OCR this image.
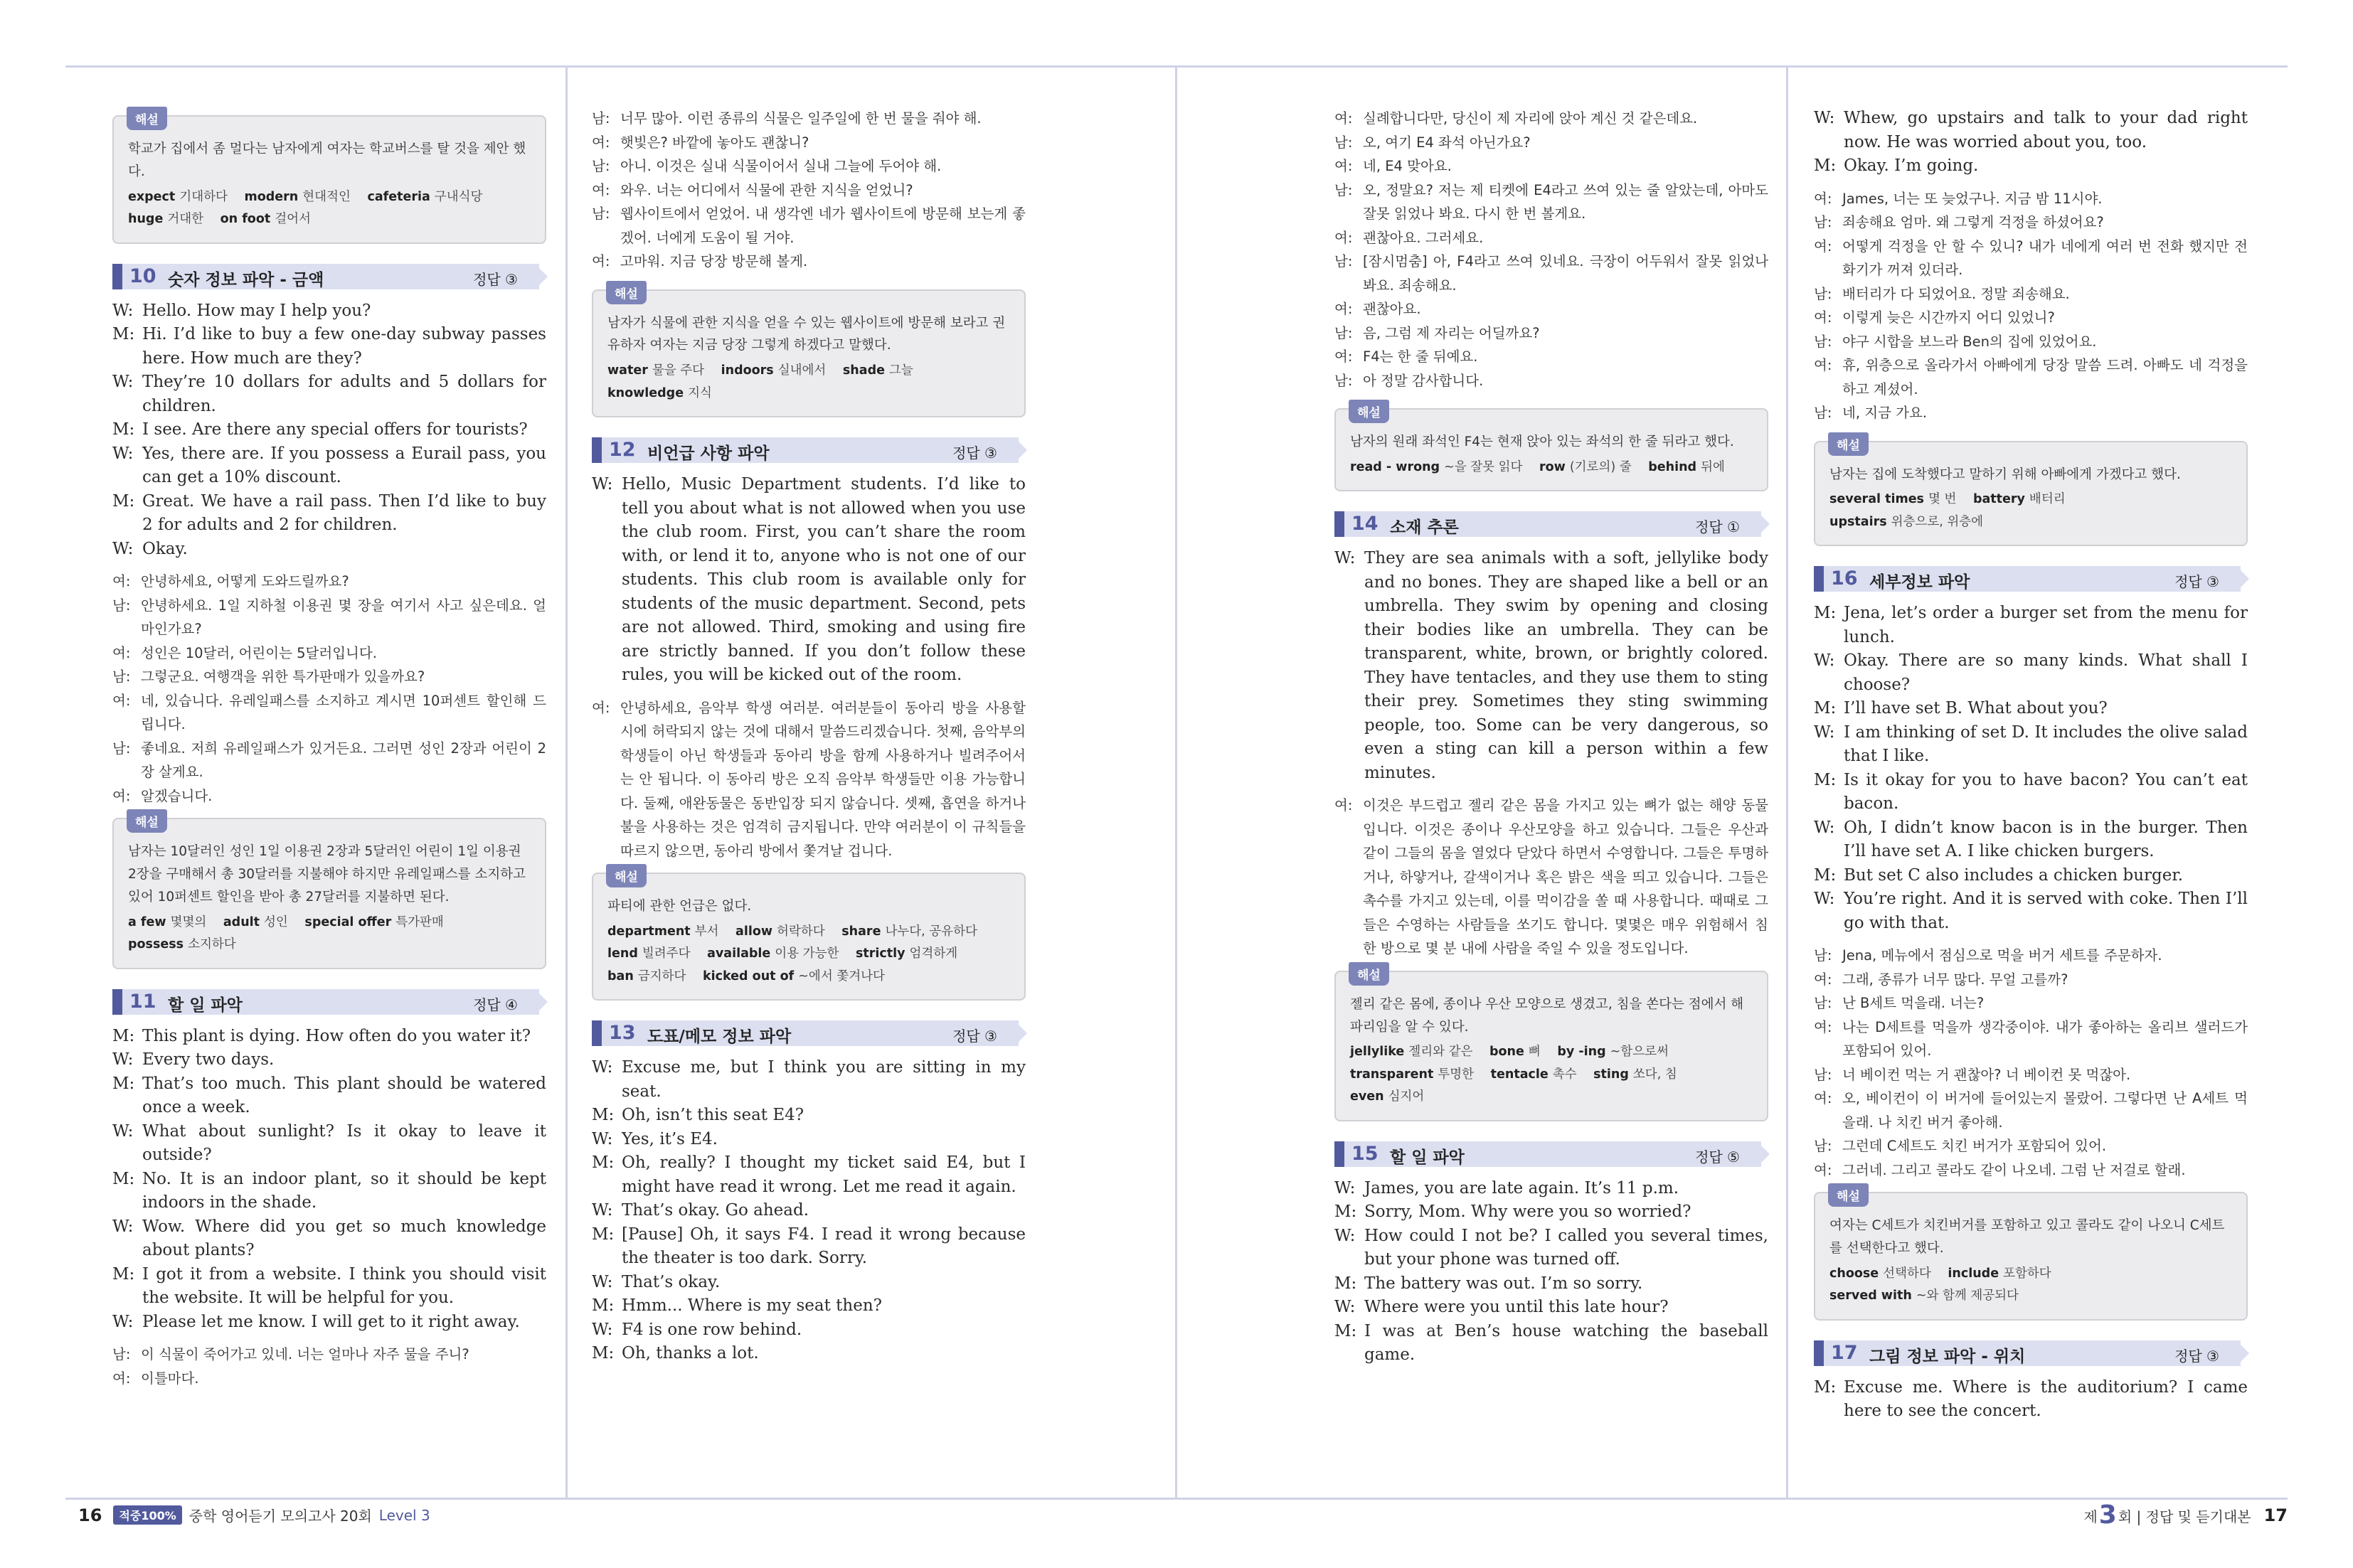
해설
학교가 집에서 좀 멀다는 남자에게 여자는 학교버스를 탈 것을 제안 했다.
expect 기대하다 modern 현대적인 cafeteria 구내식당 huge 거대한 on foot 걸어서
10 숫자 정보 파악 - 금액	정답 ③
W: Hello. How may I help you?
M: Hi. I’d like to buy a few one-day subway passes here. How much are they?
W: They’re 10 dollars for adults and 5 dollars for children.
M: I see. Are there any special offers for tourists?
W: Yes, there are. If you possess a Eurail pass, you can get a 10% discount.
M: Great. We have a rail pass. Then I’d like to buy 2 for adults and 2 for children.
W: Okay.
여: 안녕하세요, 어떻게 도와드릴까요?
남: 안녕하세요. 1일 지하철 이용권 몇 장을 여기서 사고 싶은데요. 얼마인가요?
여: 성인은 10달러, 어린이는 5달러입니다.
남: 그렇군요. 여행객을 위한 특가판매가 있을까요?
여: 네, 있습니다. 유레일패스를 소지하고 계시면 10퍼센트 할인해 드립니다.
남: 좋네요. 저희 유레일패스가 있거든요. 그러면 성인 2장과 어린이 2장 살게요.
여: 알겠습니다.
해설
남자는 10달러인 성인 1일 이용권 2장과 5달러인 어린이 1일 이용권 2장을 구매해서 총 30달러를 지불해야 하지만 유레일패스를 소지하고 있어 10퍼센트 할인을 받아 총 27달러를 지불하면 된다.
a few 몇몇의 adult 성인 special offer 특가판매 possess 소지하다
11 할 일 파악	정답 ④
M: This plant is dying. How often do you water it?
W: Every two days.
M: That’s too much. This plant should be watered once a week.
W: What about sunlight? Is it okay to leave it outside?
M: No. It is an indoor plant, so it should be kept indoors in the shade.
W: Wow. Where did you get so much knowledge about plants?
M: I got it from a website. I think you should visit the website. It will be helpful for you.
W: Please let me know. I will get to it right away.
남: 이 식물이 죽어가고 있네. 너는 얼마나 자주 물을 주니?
여: 이틀마다.
남: 너무 많아. 이런 종류의 식물은 일주일에 한 번 물을 줘야 해.
여: 햇빛은? 바깥에 놓아도 괜찮니?
남: 아니. 이것은 실내 식물이어서 실내 그늘에 두어야 해.
여: 와우. 너는 어디에서 식물에 관한 지식을 얻었니?
남: 웹사이트에서 얻었어. 내 생각엔 네가 웹사이트에 방문해 보는게 좋겠어. 너에게 도움이 될 거야.
여: 고마워. 지금 당장 방문해 볼게.
해설
남자가 식물에 관한 지식을 얻을 수 있는 웹사이트에 방문해 보라고 권유하자 여자는 지금 당장 그렇게 하겠다고 말했다.
water 물을 주다 indoors 실내에서 shade 그늘 knowledge 지식
12 비언급 사항 파악	정답 ③
W: Hello, Music Department students. I’d like to tell you about what is not allowed when you use the club room. First, you can’t share the room with, or lend it to, anyone who is not one of our students. This club room is available only for students of the music department. Second, pets are not allowed. Third, smoking and using fire are strictly banned. If you don’t follow these rules, you will be kicked out of the room.
여: 안녕하세요, 음악부 학생 여러분. 여러분들이 동아리 방을 사용할 시에 허락되지 않는 것에 대해서 말씀드리겠습니다. 첫째, 음악부의 학생들이 아닌 학생들과 동아리 방을 함께 사용하거나 빌려주어서는 안 됩니다. 이 동아리 방은 오직 음악부 학생들만 이용 가능합니다. 둘째, 애완동물은 동반입장 되지 않습니다. 셋째, 흡연을 하거나 불을 사용하는 것은 엄격히 금지됩니다. 만약 여러분이 이 규칙들을 따르지 않으면, 동아리 방에서 쫓겨날 겁니다.
해설
파티에 관한 언급은 없다.
department 부서 allow 허락하다 share 나누다, 공유하다 lend 빌려주다 available 이용 가능한 strictly 엄격하게 ban 금지하다 kicked out of ~에서 쫓겨나다
13 도표/메모 정보 파악	정답 ③
W: Excuse me, but I think you are sitting in my seat.
M: Oh, isn’t this seat E4?
W: Yes, it’s E4.
M: Oh, really? I thought my ticket said E4, but I might have read it wrong. Let me read it again.
W: That’s okay. Go ahead.
M: [Pause] Oh, it says F4. I read it wrong because the theater is too dark. Sorry.
W: That’s okay.
M: Hmm... Where is my seat then?
W: F4 is one row behind.
M: Oh, thanks a lot.
여: 실례합니다만, 당신이 제 자리에 앉아 계신 것 같은데요.
남: 오, 여기 E4 좌석 아닌가요?
여: 네, E4 맞아요.
남: 오, 정말요? 저는 제 티켓에 E4라고 쓰여 있는 줄 알았는데, 아마도 잘못 읽었나 봐요. 다시 한 번 볼게요.
여: 괜찮아요. 그러세요.
남: [잠시멈춤] 아, F4라고 쓰여 있네요. 극장이 어두워서 잘못 읽었나봐요. 죄송해요.
여: 괜찮아요.
남: 음, 그럼 제 자리는 어딜까요?
여: F4는 한 줄 뒤예요.
남: 아 정말 감사합니다.
해설
남자의 원래 좌석인 F4는 현재 앉아 있는 좌석의 한 줄 뒤라고 했다.
read - wrong ~을 잘못 읽다 row (기로의) 줄 behind 뒤에
14 소재 추론	정답 ①
W: They are sea animals with a soft, jellylike body and no bones. They are shaped like a bell or an umbrella. They swim by opening and closing their bodies like an umbrella. They can be transparent, white, brown, or brightly colored. They have tentacles, and they use them to sting their prey. Sometimes they sting swimming people, too. Some can be very dangerous, so even a sting can kill a person within a few minutes.
여: 이것은 부드럽고 젤리 같은 몸을 가지고 있는 뼈가 없는 해양 동물입니다. 이것은 종이나 우산모양을 하고 있습니다. 그들은 우산과 같이 그들의 몸을 열었다 닫았다 하면서 수영합니다. 그들은 투명하거나, 하얗거나, 갈색이거나 혹은 밝은 색을 띄고 있습니다. 그들은 촉수를 가지고 있는데, 이를 먹이감을 쏠 때 사용합니다. 때때로 그들은 수영하는 사람들을 쏘기도 합니다. 몇몇은 매우 위험해서 침 한 방으로 몇 분 내에 사람을 죽일 수 있을 정도입니다.
해설
젤리 같은 몸에, 종이나 우산 모양으로 생겼고, 침을 쏜다는 점에서 해파리임을 알 수 있다.
jellylike 젤리와 같은 bone 뼈 by -ing ~함으로써 transparent 투명한 tentacle 촉수 sting 쏘다, 침 even 심지어
15 할 일 파악	정답 ⑤
W: James, you are late again. It’s 11 p.m.
M: Sorry, Mom. Why were you so worried?
W: How could I not be? I called you several times, but your phone was turned off.
M: The battery was out. I’m so sorry.
W: Where were you until this late hour?
M: I was at Ben’s house watching the baseball game.
W: Whew, go upstairs and talk to your dad right now. He was worried about you, too.
M: Okay. I’m going.
여: James, 너는 또 늦었구나. 지금 밤 11시야.
남: 죄송해요 엄마. 왜 그렇게 걱정을 하셨어요?
여: 어떻게 걱정을 안 할 수 있니? 내가 네에게 여러 번 전화 했지만 전화기가 꺼져 있더라.
남: 배터리가 다 되었어요. 정말 죄송해요.
여: 이렇게 늦은 시간까지 어디 있었니?
남: 야구 시합을 보느라 Ben의 집에 있었어요.
여: 휴, 위층으로 올라가서 아빠에게 당장 말씀 드려. 아빠도 네 걱정을 하고 계셨어.
남: 네, 지금 가요.
해설
남자는 집에 도착했다고 말하기 위해 아빠에게 가겠다고 했다.
several times 몇 번 battery 배터리 upstairs 위층으로, 위층에
16 세부정보 파악	정답 ③
M: Jena, let’s order a burger set from the menu for lunch.
W: Okay. There are so many kinds. What shall I choose?
M: I’ll have set B. What about you?
W: I am thinking of set D. It includes the olive salad that I like.
M: Is it okay for you to have bacon? You can’t eat bacon.
W: Oh, I didn’t know bacon is in the burger. Then I’ll have set A. I like chicken burgers.
M: But set C also includes a chicken burger.
W: You’re right. And it is served with coke. Then I’ll go with that.
남: Jena, 메뉴에서 점심으로 먹을 버거 세트를 주문하자.
여: 그래, 종류가 너무 많다. 무얼 고를까?
남: 난 B세트 먹을래. 너는?
여: 나는 D세트를 먹을까 생각중이야. 내가 좋아하는 올리브 샐러드가 포함되어 있어.
남: 너 베이컨 먹는 거 괜찮아? 너 베이컨 못 먹잖아.
여: 오, 베이컨이 이 버거에 들어있는지 몰랐어. 그렇다면 난 A세트 먹을래. 나 치킨 버거 좋아해.
남: 그런데 C세트도 치킨 버거가 포함되어 있어.
여: 그러네. 그리고 콜라도 같이 나오네. 그럼 난 저걸로 할래.
해설
여자는 C세트가 치킨버거를 포함하고 있고 콜라도 같이 나오니 C세트를 선택한다고 했다.
choose 선택하다 include 포함하다 served with ~와 함께 제공되다
17 그림 정보 파악 - 위치	정답 ③
M: Excuse me. Where is the auditorium? I came here to see the concert.
16	적중100% 중학 영어듣기 모의고사 20회 Level 3	제 3 회 | 정답 및 듣기대본 17
